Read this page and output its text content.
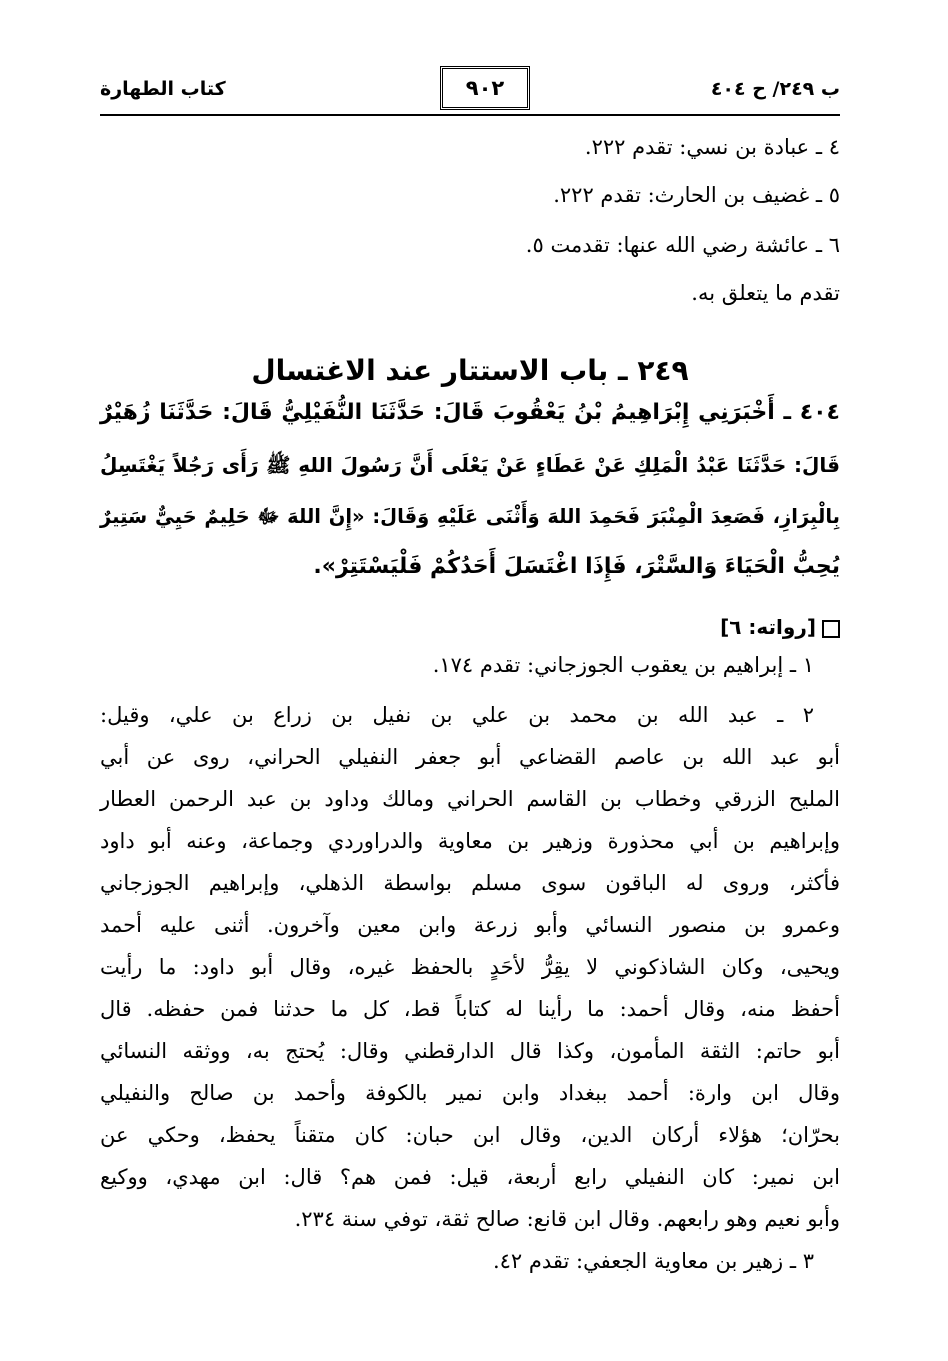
ب ٢٤٩/ ح ٤٠٤
٩٠٢
كتاب الطهارة
٤ ـ عبادة بن نسي: تقدم ٢٢٢.
٥ ـ غضيف بن الحارث: تقدم ٢٢٢.
٦ ـ عائشة رضي الله عنها: تقدمت ٥.
تقدم ما يتعلق به.
٢٤٩ ـ باب الاستتار عند الاغتسال
٤٠٤ ـ أَخْبَرَنِي إِبْرَاهِيمُ بْنُ يَعْقُوبَ قَالَ: حَدَّثَنَا النُّفَيْلِيُّ قَالَ: حَدَّثَنَا زُهَيْرٌ
قَالَ: حَدَّثَنَا عَبْدُ الْمَلِكِ عَنْ عَطَاءٍ عَنْ يَعْلَى أَنَّ رَسُولَ اللهِ ﷺ رَأَى رَجُلاً يَغْتَسِلُ
بِالْبِرَازِ، فَصَعِدَ الْمِنْبَرَ فَحَمِدَ اللهَ وَأَثْنَى عَلَيْهِ وَقَالَ: «إِنَّ اللهَ ﷻ حَلِيمٌ حَيِيٌّ سَتِيرٌ
يُحِبُّ الْحَيَاءَ وَالسَّتْرَ، فَإِذَا اغْتَسَلَ أَحَدُكُمْ فَلْيَسْتَتِرْ».
[رواته: ٦]
١ ـ إبراهيم بن يعقوب الجوزجاني: تقدم ١٧٤.
٢ ـ عبد الله بن محمد بن علي بن نفيل بن زراع بن علي، وقيل:
أبو عبد الله بن عاصم القضاعي أبو جعفر النفيلي الحراني، روى عن أبي
المليح الزرقي وخطاب بن القاسم الحراني ومالك وداود بن عبد الرحمن العطار
وإبراهيم بن أبي محذورة وزهير بن معاوية والدراوردي وجماعة، وعنه أبو داود
فأكثر، وروى له الباقون سوى مسلم بواسطة الذهلي، وإبراهيم الجوزجاني
وعمرو بن منصور النسائي وأبو زرعة وابن معين وآخرون. أثنى عليه أحمد
ويحيى، وكان الشاذكوني لا يقِرُّ لأحَدٍ بالحفظ غيره، وقال أبو داود: ما رأيت
أحفظ منه، وقال أحمد: ما رأينا له كتاباً قط، كل ما حدثنا فمن حفظه. قال
أبو حاتم: الثقة المأمون، وكذا قال الدارقطني وقال: يُحتج به، ووثقه النسائي
وقال ابن وارة: أحمد ببغداد وابن نمير بالكوفة وأحمد بن صالح والنفيلي
بحرّان؛ هؤلاء أركان الدين، وقال ابن حبان: كان متقناً يحفظ، وحكي عن
ابن نمير: كان النفيلي رابع أربعة، قيل: فمن هم؟ قال: ابن مهدي، ووكيع
وأبو نعيم وهو رابعهم. وقال ابن قانع: صالح ثقة، توفي سنة ٢٣٤.
٣ ـ زهير بن معاوية الجعفي: تقدم ٤٢.
